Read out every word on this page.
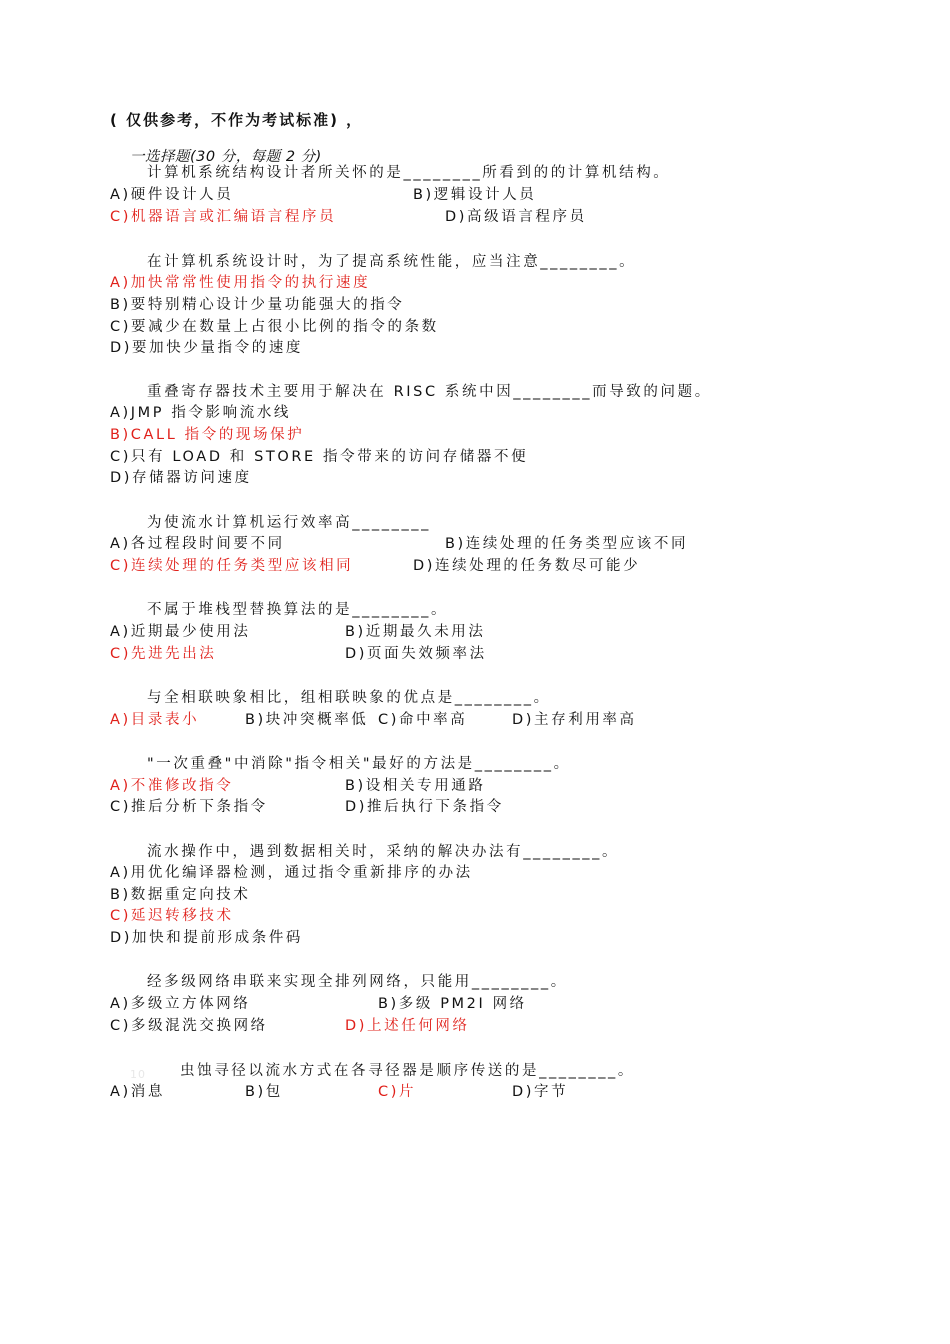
( 仅供参考，不作为考试标准) ，
一选择题(30 分，每题 2 分)
计算机系统结构设计者所关怀的是________所看到的的计算机结构。
A)硬件设计人员	B)逻辑设计人员
C)机器语言或汇编语言程序员	D)高级语言程序员
在计算机系统设计时，为了提高系统性能，应当注意________。
A)加快常常性使用指令的执行速度
B)要特别精心设计少量功能强大的指令
C)要减少在数量上占很小比例的指令的条数
D)要加快少量指令的速度
重叠寄存器技术主要用于解决在 RISC 系统中因________而导致的问题。
A)JMP 指令影响流水线
B)CALL 指令的现场保护
C)只有 LOAD 和 STORE 指令带来的访问存储器不便
D)存储器访问速度
为使流水计算机运行效率高________
A)各过程段时间要不同	B)连续处理的任务类型应该不同
C)连续处理的任务类型应该相同	D)连续处理的任务数尽可能少
不属于堆栈型替换算法的是________。
A)近期最少使用法	B)近期最久未用法
C)先进先出法	D)页面失效频率法
与全相联映象相比，组相联映象的优点是________。
A)目录表小	B)块冲突概率低 C)命中率高	D)主存利用率高
"一次重叠"中消除"指令相关"最好的方法是________。
A)不准修改指令	B)设相关专用通路
C)推后分析下条指令	D)推后执行下条指令
流水操作中，遇到数据相关时，采纳的解决办法有________。
A)用优化编译器检测，通过指令重新排序的办法
B)数据重定向技术
C)延迟转移技术
D)加快和提前形成条件码
经多级网络串联来实现全排列网络，只能用________。
A)多级立方体网络	B)多级 PM2I 网络
C)多级混洗交换网络	D)上述任何网络
10 虫蚀寻径以流水方式在各寻径器是顺序传送的是________。
A)消息	B)包	C)片	D)字节
